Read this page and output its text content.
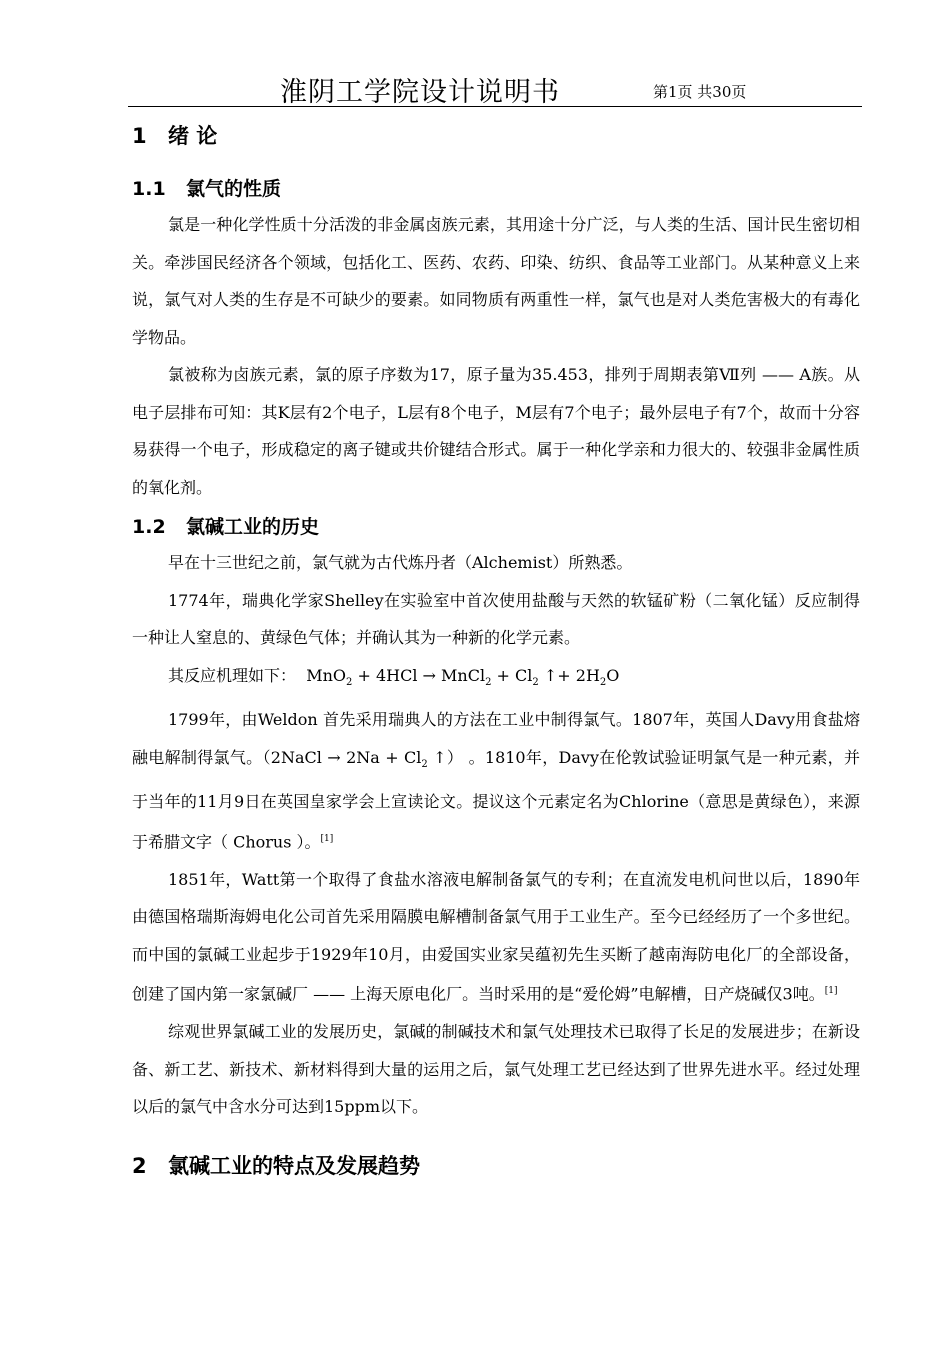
淮阴工学院设计说明书	第1页 共30页
1 绪 论
1.1 氯气的性质

氯是一种化学性质十分活泼的非金属卤族元素，其用途十分广泛，与人类的生活、国计民生密切相关。牵涉国民经济各个领域，包括化工、医药、农药、印染、纺织、食品等工业部门。从某种意义上来说，氯气对人类的生存是不可缺少的要素。如同物质有两重性一样，氯气也是对人类危害极大的有毒化学物品。

氯被称为卤族元素，氯的原子序数为17，原子量为35.453，排列于周期表第Ⅶ列 —— A族。从电子层排布可知：其K层有2个电子，L层有8个电子，M层有7个电子；最外层电子有7个，故而十分容易获得一个电子，形成稳定的离子键或共价键结合形式。属于一种化学亲和力很大的、较强非金属性质的氧化剂。

1.2 氯碱工业的历史

早在十三世纪之前，氯气就为古代炼丹者（Alchemist）所熟悉。

1774年，瑞典化学家Shelley在实验室中首次使用盐酸与天然的软锰矿粉（二氧化锰）反应制得一种让人窒息的、黄绿色气体；并确认其为一种新的化学元素。

其反应机理如下： MnO$_2$ + 4HCl → MnCl$_2$ + $Cl_2$ ↑+ $2H_2O$

1799年，由Weldon 首先采用瑞典人的方法在工业中制得氯气。1807年，英国人Davy用食盐熔融电解制得氯气。（2NaCl → $2Na + Cl_2$ ↑） 。1810年，Davy在伦敦试验证明氯气是一种元素，并于当年的11月9日在英国皇家学会上宣读论文。提议这个元素定名为Chlorine（意思是黄绿色），来源于希腊文字（ Chorus ）。[1]

1851年，Watt第一个取得了食盐水溶液电解制备氯气的专利；在直流发电机问世以后，1890年由德国格瑞斯海姆电化公司首先采用隔膜电解槽制备氯气用于工业生产。至今已经经历了一个多世纪。而中国的氯碱工业起步于1929年10月，由爱国实业家吴蕴初先生买断了越南海防电化厂的全部设备，创建了国内第一家氯碱厂 —— 上海天原电化厂。当时采用的是“爱伦姆”电解槽，日产烧碱仅3吨。[1]

综观世界氯碱工业的发展历史，氯碱的制碱技术和氯气处理技术已取得了长足的发展进步；在新设备、新工艺、新技术、新材料得到大量的运用之后，氯气处理工艺已经达到了世界先进水平。经过处理以后的氯气中含水分可达到15ppm以下。

2 氯碱工业的特点及发展趋势
